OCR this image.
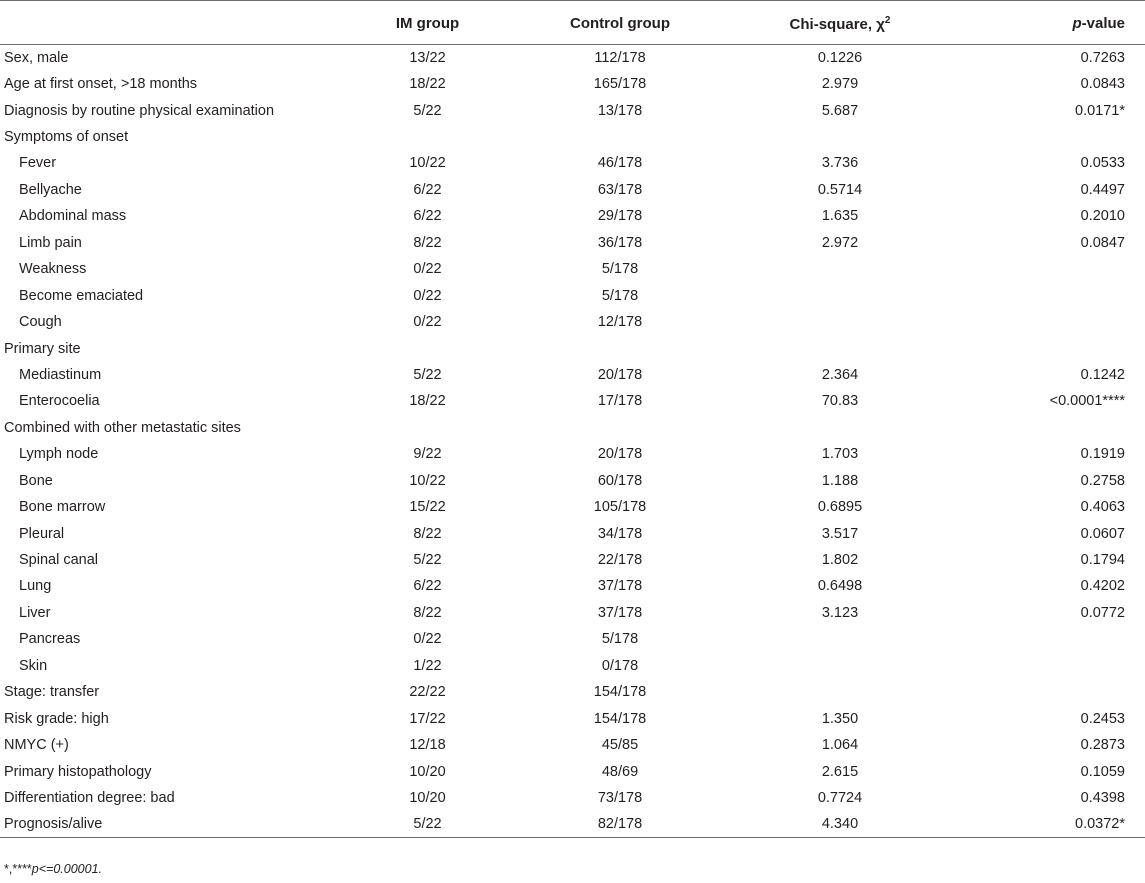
	IM group	Control group	Chi-square, $\chi^2$	p-value
Sex, male	13/22	112/178	0.1226	0.7263
Age at first onset, >18 months	18/22	165/178	2.979	0.0843
Diagnosis by routine physical examination	5/22	13/178	5.687	0.0171*
Symptoms of onset				
Fever	10/22	46/178	3.736	0.0533
Bellyache	6/22	63/178	0.5714	0.4497
Abdominal mass	6/22	29/178	1.635	0.2010
Limb pain	8/22	36/178	2.972	0.0847
Weakness	0/22	5/178		
Become emaciated	0/22	5/178		
Cough	0/22	12/178		
Primary site				
Mediastinum	5/22	20/178	2.364	0.1242
Enterocoelia	18/22	17/178	70.83	<0.0001****
Combined with other metastatic sites				
Lymph node	9/22	20/178	1.703	0.1919
Bone	10/22	60/178	1.188	0.2758
Bone marrow	15/22	105/178	0.6895	0.4063
Pleural	8/22	34/178	3.517	0.0607
Spinal canal	5/22	22/178	1.802	0.1794
Lung	6/22	37/178	0.6498	0.4202
Liver	8/22	37/178	3.123	0.0772
Pancreas	0/22	5/178		
Skin	1/22	0/178		
Stage: transfer	22/22	154/178		
Risk grade: high	17/22	154/178	1.350	0.2453
NMYC (+)	12/18	45/85	1.064	0.2873
Primary histopathology	10/20	48/69	2.615	0.1059
Differentiation degree: bad	10/20	73/178	0.7724	0.4398
Prognosis/alive	5/22	82/178	4.340	0.0372*
*,****p<=0.00001.
